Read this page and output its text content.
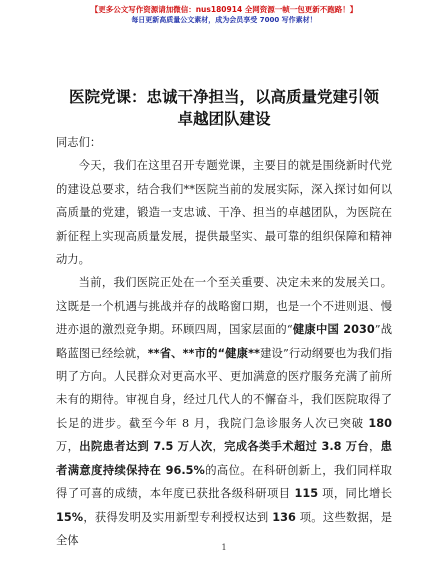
【更多公文写作资源请加微信：nus180914 全网资源一帧一包更新不跑路！】
每日更新高质量公文素材，成为会员享受 7000 写作素材！
医院党课：忠诚干净担当，以高质量党建引领
卓越团队建设

同志们：

今天，我们在这里召开专题党课，主要目的就是围绕新时代党的建设总要求，结合我们**医院当前的发展实际，深入探讨如何以高质量的党建，锻造一支忠诚、干净、担当的卓越团队，为医院在新征程上实现高质量发展，提供最坚实、最可靠的组织保障和精神动力。

当前，我们医院正处在一个至关重要、决定未来的发展关口。这既是一个机遇与挑战并存的战略窗口期，也是一个不进则退、慢进亦退的激烈竞争期。环顾四周，国家层面的“健康中国 2030”战略蓝图已经绘就，**省、**市的“健康**建设”行动纲要也为我们指明了方向。人民群众对更高水平、更加满意的医疗服务充满了前所未有的期待。审视自身，经过几代人的不懈奋斗，我们医院取得了长足的进步。截至今年 8 月，我院门急诊服务人次已突破 180 万，出院患者达到 7.5 万人次，完成各类手术超过 3.8 万台，患者满意度持续保持在 96.5%的高位。在科研创新上，我们同样取得了可喜的成绩，本年度已获批各级科研项目 115 项，同比增长 15%，获得发明及实用新型专利授权达到 136 项。这些数据，是全体

1
